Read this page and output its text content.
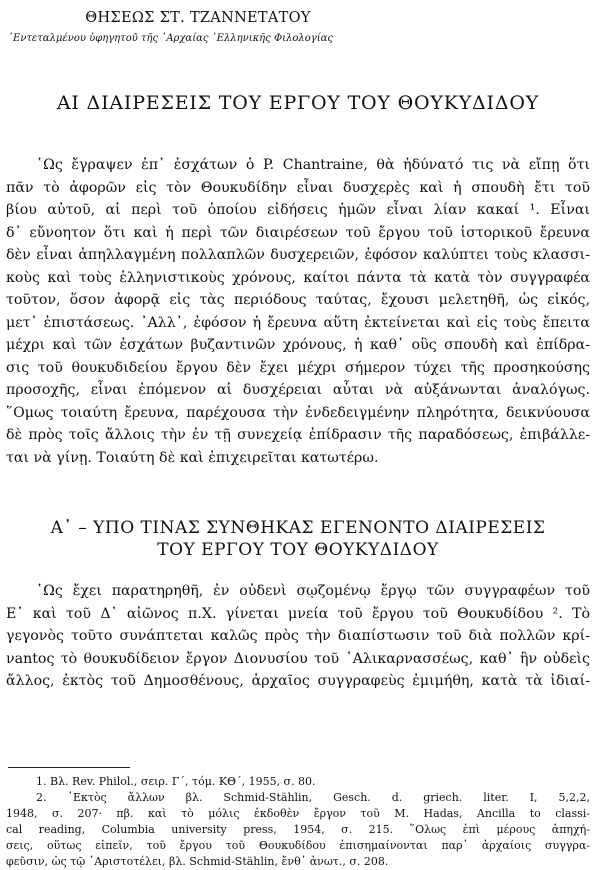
ΘΗΣΕΩΣ ΣΤ. ΤΖΑΝΝΕΤΑΤΟΥ
᾿Εντεταλμένου ὑφηγητοῦ τῆς ᾿Αρχαίας ῾Ελληνικῆς Φιλολογίας
ΑΙ ΔΙΑΙΡΕΣΕΙΣ ΤΟΥ ΕΡΓΟΥ ΤΟΥ ΘΟΥΚΥΔΙΔΟΥ
῾Ως ἔγραψεν ἐπ᾿ ἐσχάτων ὁ P. Chantraine, θὰ ἠδύνατό τις νὰ εἴπῃ ὅτι
πᾶν τὸ ἀφορῶν εἰς τὸν Θουκυδίδην εἶναι δυσχερὲς καὶ ἡ σπουδὴ ἔτι τοῦ
βίου αὐτοῦ, αἱ περὶ τοῦ ὁποίου εἰδήσεις ἡμῶν εἶναι λίαν κακαί ¹. Εἶναι
δ᾿ εὔνοητον ὅτι καὶ ἡ περὶ τῶν διαιρέσεων τοῦ ἔργου τοῦ ἱστορικοῦ ἔρευνα
δὲν εἶναι ἀπηλλαγμένη πολλαπλῶν δυσχερειῶν, ἐφόσον καλύπτει τοὺς κλασσι-
κοὺς καὶ τοὺς ἑλληνιστικοὺς χρόνους, καίτοι πάντα τὰ κατὰ τὸν συγγραφέα
τοῦτον, ὅσον ἀφορᾷ εἰς τὰς περιόδους ταύτας, ἔχουσι μελετηθῆ, ὡς εἰκός,
μετ᾿ ἐπιστάσεως. ᾿Αλλ᾿, ἐφόσον ἡ ἔρευνα αὕτη ἐκτείνεται καὶ εἰς τοὺς ἔπειτα
μέχρι καὶ τῶν ἐσχάτων βυζαντινῶν χρόνους, ἡ καθ᾿ οὓς σπουδὴ καὶ ἐπίδρα-
σις τοῦ θουκυδιδείου ἔργου δὲν ἔχει μέχρι σήμερον τύχει τῆς προσηκούσης
προσοχῆς, εἶναι ἐπόμενον αἱ δυσχέρειαι αὗται νὰ αὐξάνωνται ἀναλόγως.
῞Ομως τοιαύτη ἔρευνα, παρέχουσα τὴν ἐνδεδειγμένην πληρότητα, δεικνύουσα
δὲ πρὸς τοῖς ἄλλοις τὴν ἐν τῇ συνεχείᾳ ἐπίδρασιν τῆς παραδόσεως, ἐπιβάλλε-
ται νὰ γίνῃ. Τοιαύτη δὲ καὶ ἐπιχειρεῖται κατωτέρω.
Α᾿ – ΥΠΟ ΤΙΝΑΣ ΣΥΝΘΗΚΑΣ ΕΓΕΝΟΝΤΟ ΔΙΑΙΡΕΣΕΙΣ
ΤΟΥ ΕΡΓΟΥ ΤΟΥ ΘΟΥΚΥΔΙΔΟΥ
῾Ως ἔχει παρατηρηθῆ, ἐν οὐδενὶ σῳζομένῳ ἔργῳ τῶν συγγραφέων τοῦ
Ε᾿ καὶ τοῦ Δ᾿ αἰῶνος π.Χ. γίνεται μνεία τοῦ ἔργου τοῦ Θουκυδίδου ². Τὸ
γεγονὸς τοῦτο συνάπτεται καλῶς πρὸς τὴν διαπίστωσιν τοῦ διὰ πολλῶν κρί-
νantος τὸ θουκυδίδειον ἔργον Διονυσίου τοῦ ῾Αλικαρνασσέως, καθ᾿ ἣν οὐδεὶς
ἄλλος, ἐκτὸς τοῦ Δημοσθένους, ἀρχαῖος συγγραφεὺς ἐμιμήθη, κατὰ τὰ ἰδιαί-
1. Βλ. Rev. Philol., σειρ. Γ΄, τόμ. ΚΘ΄, 1955, σ. 80.
2. ᾿Εκτὸς ἄλλων βλ. Schmid-Stählin, Gesch. d. griech. liter. I, 5,2,2,
1948, σ. 207· πβ. καὶ τὸ μόλις ἐκδοθὲν ἔργον τοῦ M. Hadas, Ancilla to classi-
cal reading, Columbia university press, 1954, σ. 215. ῞Ολως ἐπὶ μέρους ἀπηχή-
σεις, οὕτως εἰπεῖν, τοῦ ἔργου τοῦ Θουκυδίδου ἐπισημαίνονται παρ᾿ ἀρχαίοις συγγρα-
φεῦσιν, ὡς τῷ ᾿Αριστοτέλει, βλ. Schmid-Stählin, ἔνθ᾿ ἀνωτ., σ. 208.
